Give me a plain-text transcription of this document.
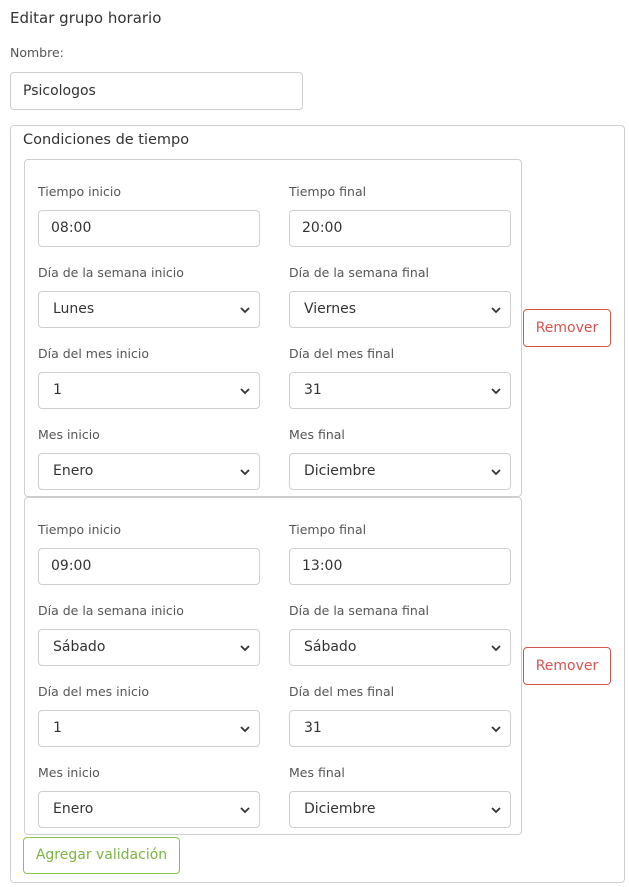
Editar grupo horario
Nombre:
Psicologos
Condiciones de tiempo
Tiempo inicio	Tiempo final
08:00	20:00
Día de la semana inicio	Día de la semana final
Lunes	Viernes
Día del mes inicio	Día del mes final
1	31
Mes inicio	Mes final
Enero	Diciembre
Remover
Tiempo inicio	Tiempo final
09:00	13:00
Día de la semana inicio	Día de la semana final
Sábado	Sábado
Día del mes inicio	Día del mes final
1	31
Mes inicio	Mes final
Enero	Diciembre
Remover
Agregar validación
